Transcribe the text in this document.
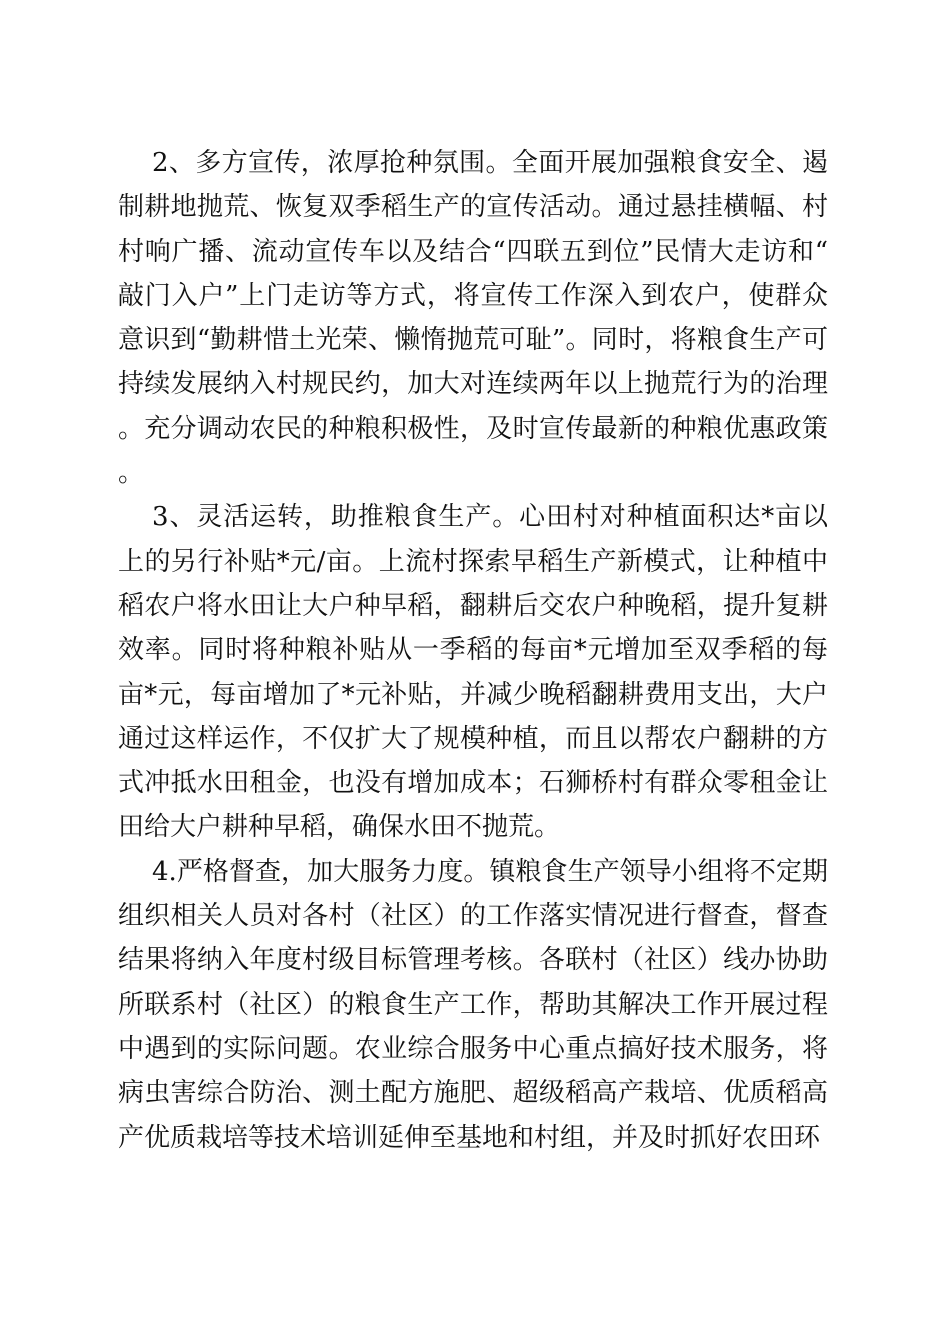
2、多方宣传，浓厚抢种氛围。全面开展加强粮食安全、遏制耕地抛荒、恢复双季稻生产的宣传活动。通过悬挂横幅、村村响广播、流动宣传车以及结合“四联五到位”民情大走访和“敲门入户”上门走访等方式，将宣传工作深入到农户，使群众意识到“勤耕惜土光荣、懒惰抛荒可耻”。同时，将粮食生产可持续发展纳入村规民约，加大对连续两年以上抛荒行为的治理。充分调动农民的种粮积极性，及时宣传最新的种粮优惠政策。

3、灵活运转，助推粮食生产。心田村对种植面积达*亩以上的另行补贴*元/亩。上流村探索早稻生产新模式，让种植中稻农户将水田让大户种早稻，翻耕后交农户种晚稻，提升复耕效率。同时将种粮补贴从一季稻的每亩*元增加至双季稻的每亩*元，每亩增加了*元补贴，并减少晚稻翻耕费用支出，大户通过这样运作，不仅扩大了规模种植，而且以帮农户翻耕的方式冲抵水田租金，也没有增加成本；石狮桥村有群众零租金让田给大户耕种早稻，确保水田不抛荒。

4.严格督查，加大服务力度。镇粮食生产领导小组将不定期组织相关人员对各村（社区）的工作落实情况进行督查，督查结果将纳入年度村级目标管理考核。各联村（社区）线办协助所联系村（社区）的粮食生产工作，帮助其解决工作开展过程中遇到的实际问题。农业综合服务中心重点搞好技术服务，将病虫害综合防治、测土配方施肥、超级稻高产栽培、优质稻高产优质栽培等技术培训延伸至基地和村组，并及时抓好农田环
